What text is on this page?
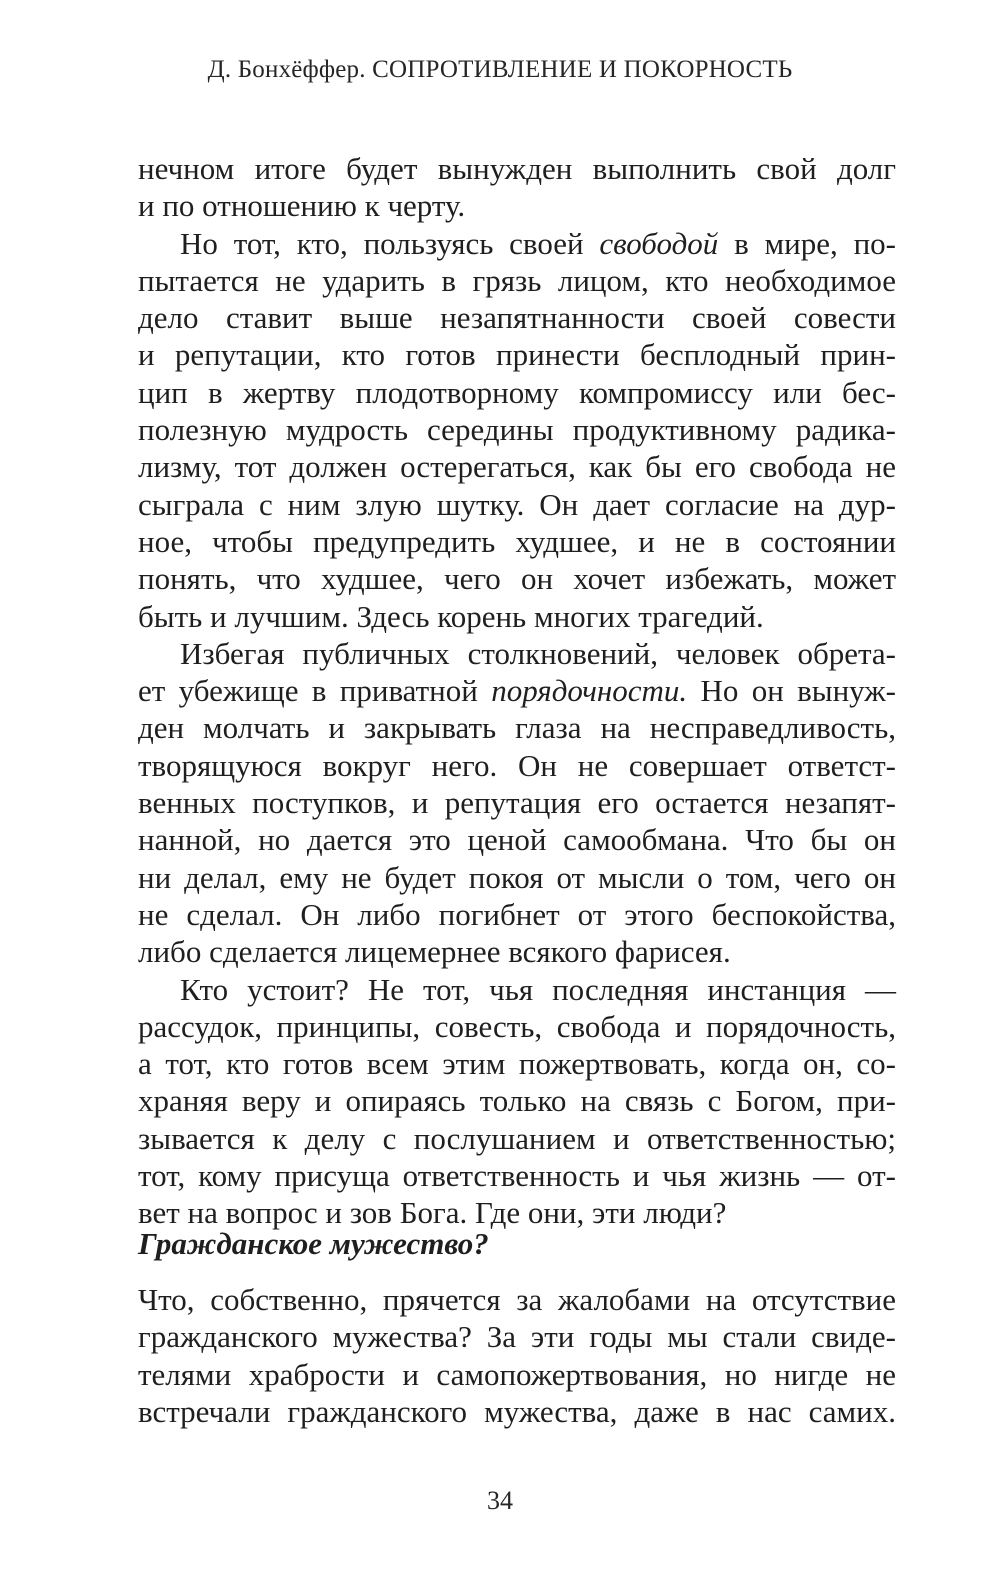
Д. Бонхёффер. СОПРОТИВЛЕНИЕ И ПОКОРНОСТЬ
нечном итоге будет вынужден выполнить свой долг
и по отношению к черту.
Но тот, кто, пользуясь своей свободой в мире, по-
пытается не ударить в грязь лицом, кто необходимое
дело ставит выше незапятнанности своей совести
и репутации, кто готов принести бесплодный прин-
цип в жертву плодотворному компромиссу или бес-
полезную мудрость середины продуктивному радика-
лизму, тот должен остерегаться, как бы его свобода не
сыграла с ним злую шутку. Он дает согласие на дур-
ное, чтобы предупредить худшее, и не в состоянии
понять, что худшее, чего он хочет избежать, может
быть и лучшим. Здесь корень многих трагедий.
Избегая публичных столкновений, человек обрета-
ет убежище в приватной порядочности. Но он вынуж-
ден молчать и закрывать глаза на несправедливость,
творящуюся вокруг него. Он не совершает ответст-
венных поступков, и репутация его остается незапят-
нанной, но дается это ценой самообмана. Что бы он
ни делал, ему не будет покоя от мысли о том, чего он
не сделал. Он либо погибнет от этого беспокойства,
либо сделается лицемернее всякого фарисея.
Кто устоит? Не тот, чья последняя инстанция —
рассудок, принципы, совесть, свобода и порядочность,
а тот, кто готов всем этим пожертвовать, когда он, со-
храняя веру и опираясь только на связь с Богом, при-
зывается к делу с послушанием и ответственностью;
тот, кому присуща ответственность и чья жизнь — от-
вет на вопрос и зов Бога. Где они, эти люди?
Гражданское мужество?
Что, собственно, прячется за жалобами на отсутствие
гражданского мужества? За эти годы мы стали свиде-
телями храбрости и самопожертвования, но нигде не
встречали гражданского мужества, даже в нас самих.
34
